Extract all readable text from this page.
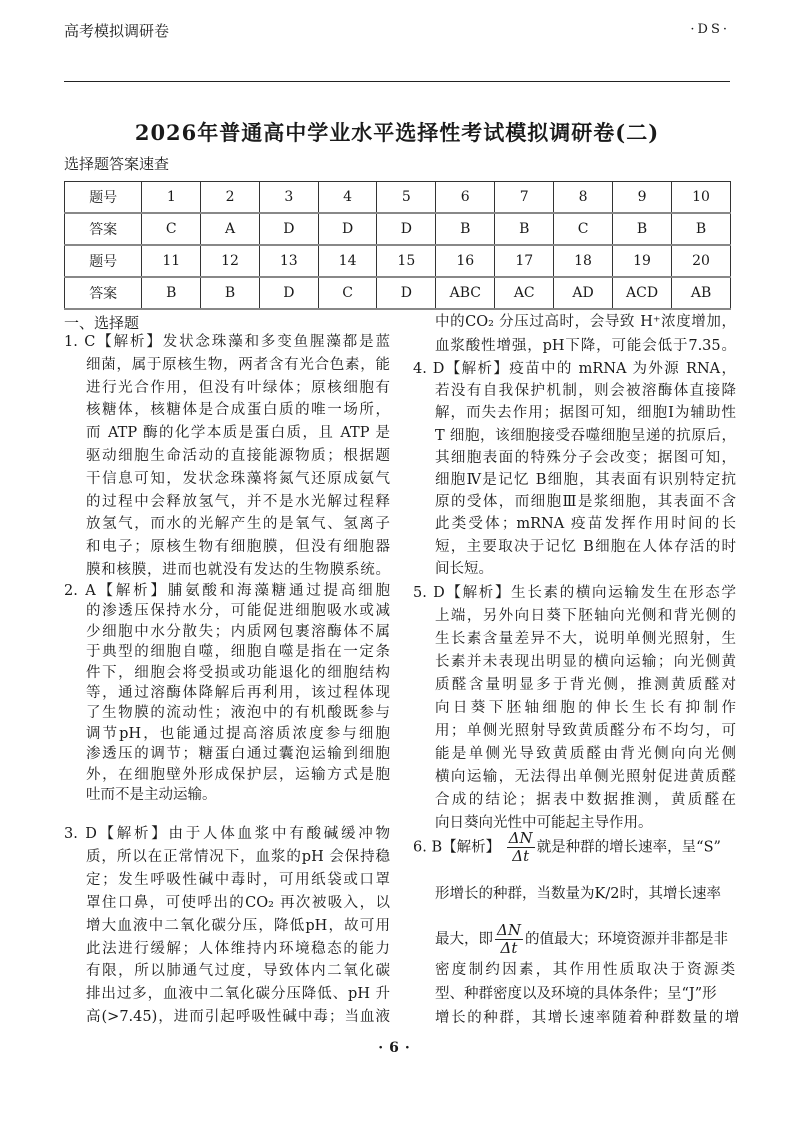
高考模拟调研卷	·DS·
2026年普通高中学业水平选择性考试模拟调研卷(二)
选择题答案速查
题号	1	2	3	4	5	6	7	8	9	10
答案	C	A	D	D	D	B	B	C	B	B
题号	11	12	13	14	15	16	17	18	19	20
答案	B	B	D	C	D	ABC	AC	AD	ACD	AB
一、选择题
1. C【解析】发状念珠藻和多变鱼腥藻都是蓝
细菌，属于原核生物，两者含有光合色素，能
进行光合作用，但没有叶绿体；原核细胞有
核糖体，核糖体是合成蛋白质的唯一场所，
而 ATP 酶的化学本质是蛋白质，且 ATP 是
驱动细胞生命活动的直接能源物质；根据题
干信息可知，发状念珠藻将氮气还原成氨气
的过程中会释放氢气，并不是水光解过程释
放氢气，而水的光解产生的是氧气、氢离子
和电子；原核生物有细胞膜，但没有细胞器
膜和核膜，进而也就没有发达的生物膜系统。
2. A【解析】脯氨酸和海藻糖通过提高细胞
的渗透压保持水分，可能促进细胞吸水或减
少细胞中水分散失；内质网包裹溶酶体不属
于典型的细胞自噬，细胞自噬是指在一定条
件下，细胞会将受损或功能退化的细胞结构
等，通过溶酶体降解后再利用，该过程体现
了生物膜的流动性；液泡中的有机酸既参与
调节pH，也能通过提高溶质浓度参与细胞
渗透压的调节；糖蛋白通过囊泡运输到细胞
外，在细胞壁外形成保护层，运输方式是胞
吐而不是主动运输。
3. D【解析】由于人体血浆中有酸碱缓冲物
质，所以在正常情况下，血浆的pH 会保持稳
定；发生呼吸性碱中毒时，可用纸袋或口罩
罩住口鼻，可使呼出的CO₂ 再次被吸入，以
增大血液中二氧化碳分压，降低pH，故可用
此法进行缓解；人体维持内环境稳态的能力
有限，所以肺通气过度，导致体内二氧化碳
排出过多，血液中二氧化碳分压降低、pH 升
高(>7.45)，进而引起呼吸性碱中毒；当血液
中的CO₂ 分压过高时，会导致 H⁺浓度增加，
血浆酸性增强，pH下降，可能会低于7.35。
4. D【解析】疫苗中的 mRNA 为外源 RNA，
若没有自我保护机制，则会被溶酶体直接降
解，而失去作用；据图可知，细胞Ⅰ为辅助性
T 细胞，该细胞接受吞噬细胞呈递的抗原后，
其细胞表面的特殊分子会改变；据图可知，
细胞Ⅳ是记忆 B细胞，其表面有识别特定抗
原的受体，而细胞Ⅲ是浆细胞，其表面不含
此类受体；mRNA 疫苗发挥作用时间的长
短，主要取决于记忆 B细胞在人体存活的时
间长短。
5. D【解析】生长素的横向运输发生在形态学
上端，另外向日葵下胚轴向光侧和背光侧的
生长素含量差异不大，说明单侧光照射，生
长素并未表现出明显的横向运输；向光侧黄
质醛含量明显多于背光侧，推测黄质醛对
向日葵下胚轴细胞的伸长生长有抑制作
用；单侧光照射导致黄质醛分布不均匀，可
能是单侧光导致黄质醛由背光侧向向光侧
横向运输，无法得出单侧光照射促进黄质醛
合成的结论；据表中数据推测，黄质醛在
向日葵向光性中可能起主导作用。
6. B【解析】 $\frac{\Delta N}{\Delta t}$ 就是种群的增长速率，呈“S”
形增长的种群，当数量为K/2时，其增长速率
最大，即 $\frac{\Delta N}{\Delta t}$ 的值最大；环境资源并非都是非
密度制约因素，其作用性质取决于资源类
型、种群密度以及环境的具体条件；呈“J”形
增长的种群，其增长速率随着种群数量的增
·6·
